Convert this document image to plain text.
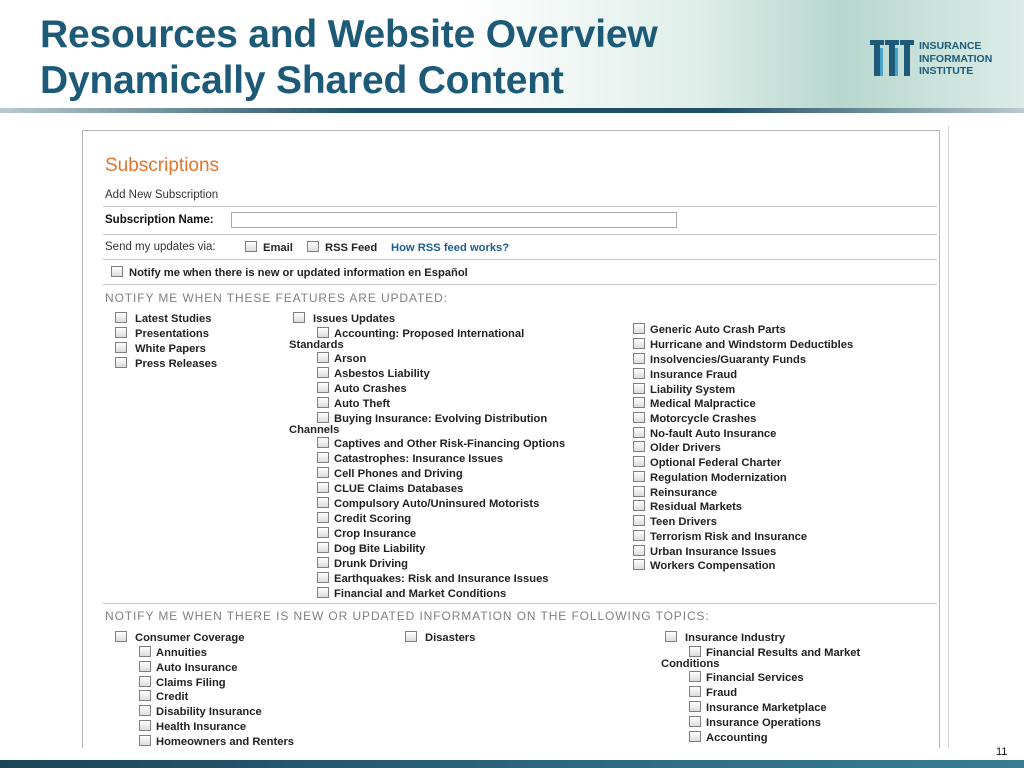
Resources and Website Overview
Dynamically Shared Content
INSURANCE
INFORMATION
INSTITUTE
Subscriptions
Add New Subscription
Subscription Name:
Send my updates via:	Email	RSS Feed How RSS feed works?
Notify me when there is new or updated information en Español
NOTIFY ME WHEN THESE FEATURES ARE UPDATED:
Latest Studies
Presentations
White Papers
Press Releases
Issues Updates
Accounting: Proposed International
Standards
Arson
Asbestos Liability
Auto Crashes
Auto Theft
Buying Insurance: Evolving Distribution
Channels
Captives and Other Risk-Financing Options
Catastrophes: Insurance Issues
Cell Phones and Driving
CLUE Claims Databases
Compulsory Auto/Uninsured Motorists
Credit Scoring
Crop Insurance
Dog Bite Liability
Drunk Driving
Earthquakes: Risk and Insurance Issues
Financial and Market Conditions
Generic Auto Crash Parts
Hurricane and Windstorm Deductibles
Insolvencies/Guaranty Funds
Insurance Fraud
Liability System
Medical Malpractice
Motorcycle Crashes
No-fault Auto Insurance
Older Drivers
Optional Federal Charter
Regulation Modernization
Reinsurance
Residual Markets
Teen Drivers
Terrorism Risk and Insurance
Urban Insurance Issues
Workers Compensation
NOTIFY ME WHEN THERE IS NEW OR UPDATED INFORMATION ON THE FOLLOWING TOPICS:
Consumer Coverage
Annuities
Auto Insurance
Claims Filing
Credit
Disability Insurance
Health Insurance
Homeowners and Renters
Disasters	Insurance Industry
Financial Results and Market
Conditions
Financial Services
Fraud
Insurance Marketplace
Insurance Operations
Accounting
11
